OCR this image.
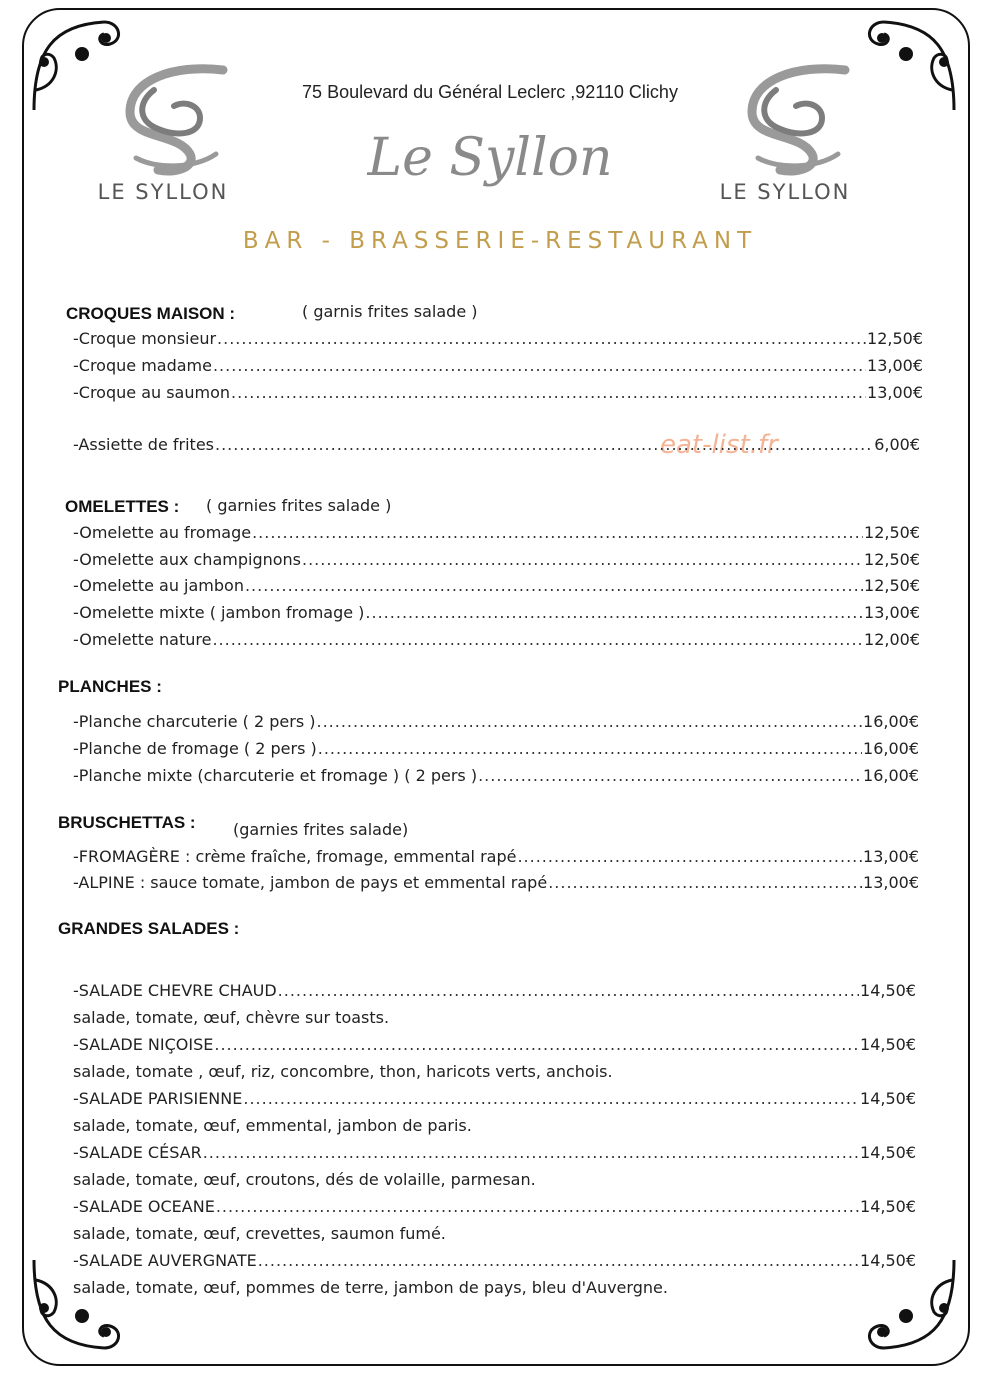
LE SYLLON	LE SYLLON
75 Boulevard du Général Leclerc ,92110 Clichy
Le Syllon
BAR - BRASSERIE-RESTAURANT
eat-list.fr
CROQUES MAISON :	( garnis frites salade )
-Croque monsieur .....	12,50€
-Croque madame .....	13,00€
-Croque au saumon .....	13,00€
-Assiette de frites .....	6,00€
OMELETTES : ( garnies frites salade )
-Omelette au fromage .....	12,50€
-Omelette aux champignons .....	12,50€
-Omelette au jambon .....	12,50€
-Omelette mixte ( jambon fromage ) .....	13,00€
-Omelette nature .....	12,00€
PLANCHES :
-Planche charcuterie ( 2 pers ) .....	16,00€
-Planche de fromage ( 2 pers ) .....	16,00€
-Planche mixte (charcuterie et fromage ) ( 2 pers ) .....	16,00€
BRUSCHETTAS : (garnies frites salade)
-FROMAGÈRE : crème fraîche, fromage, emmental rapé .....	13,00€
-ALPINE : sauce tomate, jambon de pays et emmental rapé .....	13,00€
GRANDES SALADES :
-SALADE CHEVRE CHAUD .....	14,50€
salade, tomate, œuf, chèvre sur toasts.
-SALADE NIÇOISE .....	14,50€
salade, tomate , œuf, riz, concombre, thon, haricots verts, anchois.
-SALADE PARISIENNE .....	14,50€
salade, tomate, œuf, emmental, jambon de paris.
-SALADE CÉSAR .....	14,50€
salade, tomate, œuf, croutons, dés de volaille, parmesan.
-SALADE OCEANE .....	14,50€
salade, tomate, œuf, crevettes, saumon fumé.
-SALADE AUVERGNATE .....	14,50€
salade, tomate, œuf, pommes de terre, jambon de pays, bleu d'Auvergne.
